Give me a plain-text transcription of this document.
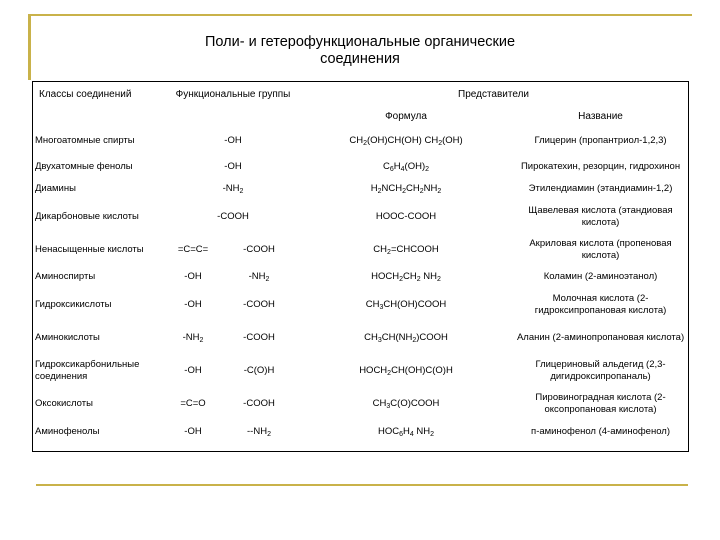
Поли- и гетерофункциональные органические
соединения
Классы соединений	Функциональные группы		Представители	
			Формула	Название
Многоатомные спирты	-OH		$CH_2(OH)CH(OH)$ $CH_2(OH)$	Глицерин (пропантриол-1,2,3)
Двухатомные фенолы	-OH		$C_6H_4(OH)_2$	Пирокатехин, резорцин, гидрохинон
Диамины	$-NH_2$		$H_2NCH_2CH_2NH_2$	Этилендиамин (этандиамин-1,2)
Дикарбоновые кислоты	-COOH		HOOC-COOH	Щавелевая кислота (этандиовая кислота)
Ненасыщенные кислоты	=C=C=	-COOH	$CH_2=CHCOOH$	Акриловая кислота (пропеновая кислота)
Аминоспирты	-OH	$-NH_2$	$HOCH_2CH_2$ $NH_2$	Коламин (2-аминоэтанол)
Гидроксикислоты	-OH	-COOH	$CH_3CH(OH)COOH$	Молочная кислота (2-гидроксипропановая кислота)
Аминокислоты	$-NH_2$	-COOH	$CH_3CH(NH_2)COOH$	Аланин (2-аминопропановая кислота)
Гидроксикарбонильные соединения	-OH	-C(O)H	$HOCH_2CH(OH)C(O)H$	Глицериновый альдегид (2,3-дигидроксипропаналь)
Оксокислоты	=C=O	-COOH	$CH_3C(O)COOH$	Пировиноградная кислота (2-оксопропановая кислота)
Аминофенолы	-OH	$--NH_2$	$HOC_6H_4$ $NH_2$	п-аминофенол (4-аминофенол)
